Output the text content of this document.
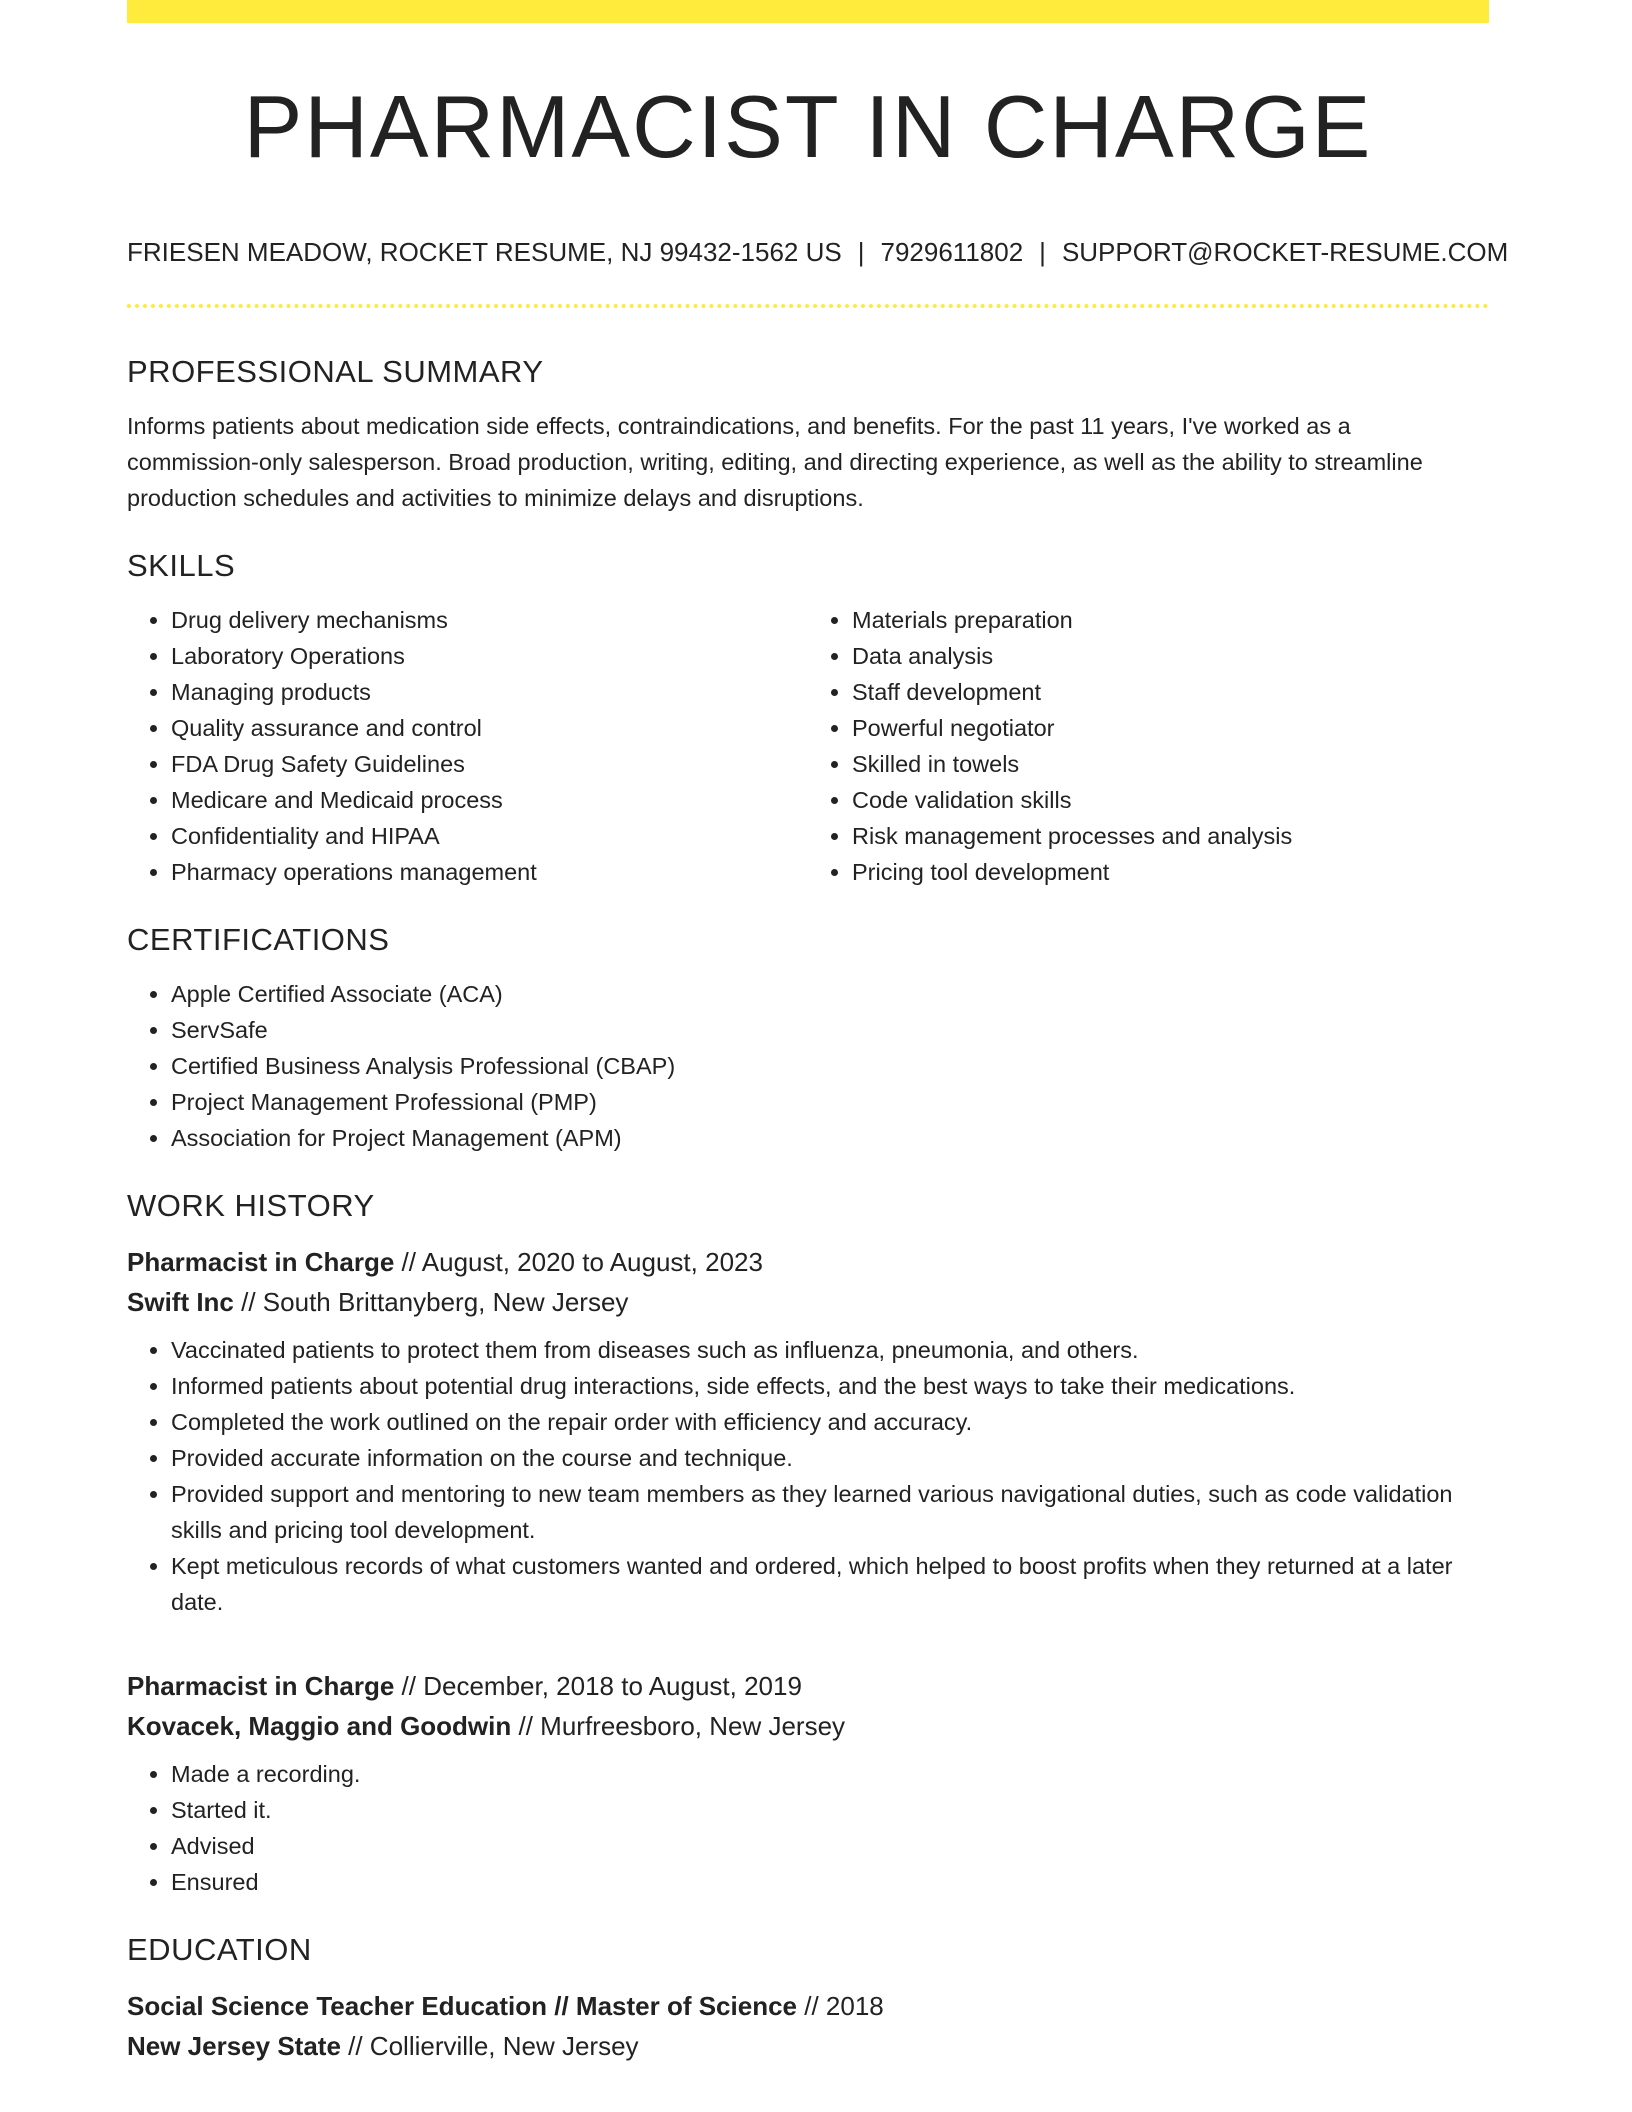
PHARMACIST IN CHARGE
FRIESEN MEADOW, ROCKET RESUME, NJ 99432-1562 US | 7929611802 | SUPPORT@ROCKET-RESUME.COM
PROFESSIONAL SUMMARY

Informs patients about medication side effects, contraindications, and benefits. For the past 11 years, I've worked as a commission-only salesperson. Broad production, writing, editing, and directing experience, as well as the ability to streamline production schedules and activities to minimize delays and disruptions.

SKILLS
• Drug delivery mechanisms
• Laboratory Operations
• Managing products
• Quality assurance and control
• FDA Drug Safety Guidelines
• Medicare and Medicaid process
• Confidentiality and HIPAA
• Pharmacy operations management
• Materials preparation
• Data analysis
• Staff development
• Powerful negotiator
• Skilled in towels
• Code validation skills
• Risk management processes and analysis
• Pricing tool development
CERTIFICATIONS
• Apple Certified Associate (ACA)
• ServSafe
• Certified Business Analysis Professional (CBAP)
• Project Management Professional (PMP)
• Association for Project Management (APM)
WORK HISTORY
Pharmacist in Charge // August, 2020 to August, 2023
Swift Inc // South Brittanyberg, New Jersey
• Vaccinated patients to protect them from diseases such as influenza, pneumonia, and others.
• Informed patients about potential drug interactions, side effects, and the best ways to take their medications.
• Completed the work outlined on the repair order with efficiency and accuracy.
• Provided accurate information on the course and technique.
• Provided support and mentoring to new team members as they learned various navigational duties, such as code validation skills and pricing tool development.
• Kept meticulous records of what customers wanted and ordered, which helped to boost profits when they returned at a later date.
Pharmacist in Charge // December, 2018 to August, 2019
Kovacek, Maggio and Goodwin // Murfreesboro, New Jersey
• Made a recording.
• Started it.
• Advised
• Ensured
EDUCATION
Social Science Teacher Education // Master of Science // 2018
New Jersey State // Collierville, New Jersey
